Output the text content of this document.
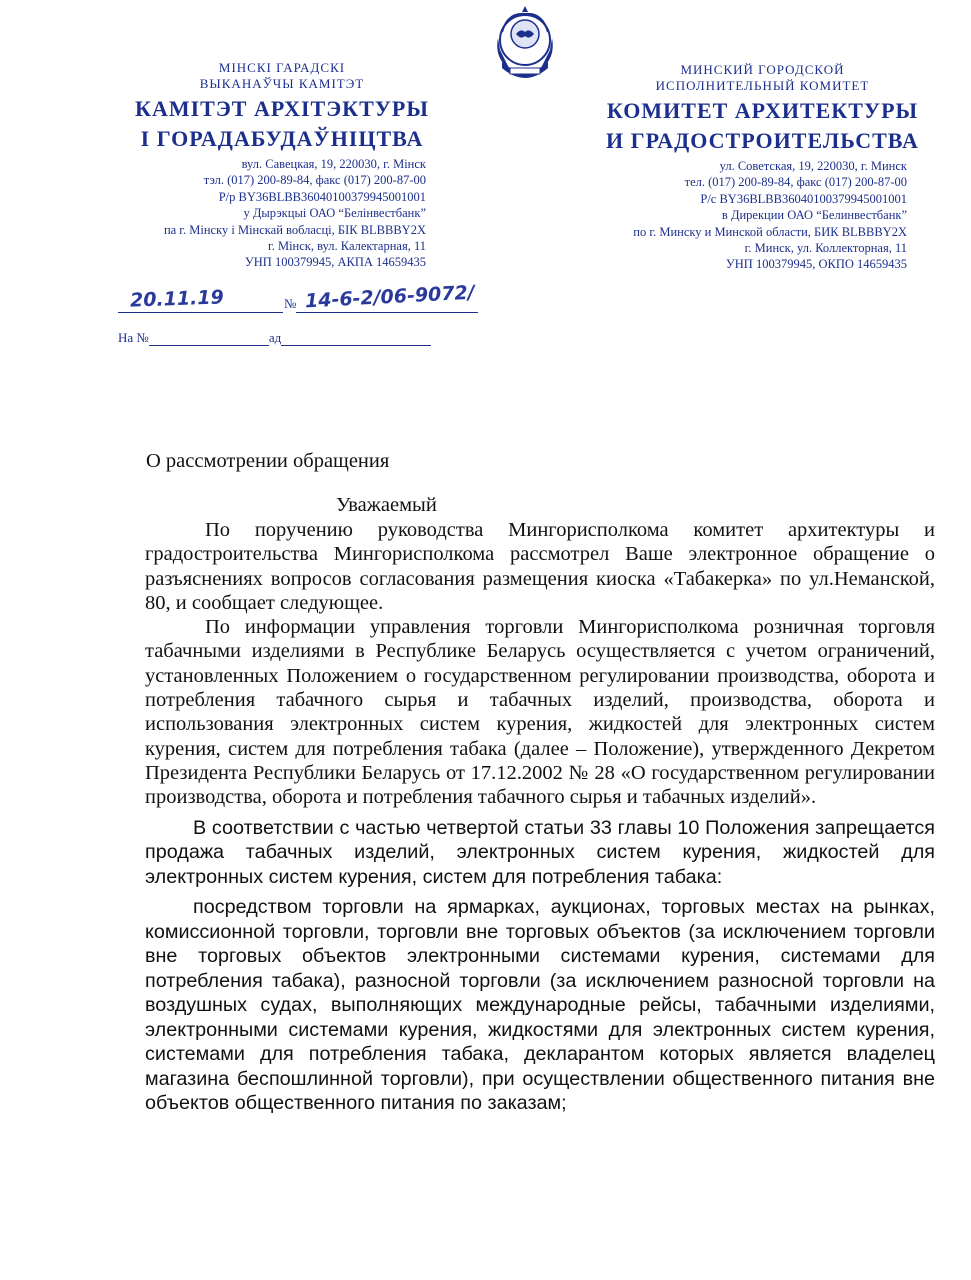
МІНСКІ ГАРАДСКІ
ВЫКАНАЎЧЫ КАМІТЭТ
КАМІТЭТ АРХІТЭКТУРЫ
І ГОРАДАБУДАЎНІЦТВА
вул. Савецкая, 19, 220030, г. Мінск
тэл. (017) 200-89-84, факс (017) 200-87-00
Р/р BY36BLBB36040100379945001001
у Дырэкцыі ОАО “Белінвестбанк”
па г. Мінску і Мінскай вобласці, БІК BLBBBY2X
г. Мінск, вул. Калектарная, 11
УНП 100379945, АКПА 14659435
МИНСКИЙ ГОРОДСКОЙ
ИСПОЛНИТЕЛЬНЫЙ КОМИТЕТ
КОМИТЕТ АРХИТЕКТУРЫ
И ГРАДОСТРОИТЕЛЬСТВА
ул. Советская, 19, 220030, г. Минск
тел. (017) 200-89-84, факс (017) 200-87-00
Р/с BY36BLBB36040100379945001001
в Дирекции ОАО “Белинвестбанк”
по г. Минску и Минской области, БИК BLBBBY2X
г. Минск, ул. Коллекторная, 11
УНП 100379945, ОКПО 14659435
20.11.19	№ 14-6-2/06-9072/
На №	ад
О рассмотрении обращения
Уважаемый

По поручению руководства Мингорисполкома комитет архитектуры и градостроительства Мингорисполкома рассмотрел Ваше электронное обращение о разъяснениях вопросов согласования размещения киоска «Табакерка» по ул.Неманской, 80, и сообщает следующее.

По информации управления торговли Мингорисполкома розничная торговля табачными изделиями в Республике Беларусь осуществляется с учетом ограничений, установленных Положением о государственном регулировании производства, оборота и потребления табачного сырья и табачных изделий, производства, оборота и использования электронных систем курения, жидкостей для электронных систем курения, систем для потребления табака (далее – Положение), утвержденного Декретом Президента Республики Беларусь от 17.12.2002 № 28 «О государственном регулировании производства, оборота и потребления табачного сырья и табачных изделий».

В соответствии с частью четвертой статьи 33 главы 10 Положения запрещается продажа табачных изделий, электронных систем курения, жидкостей для электронных систем курения, систем для потребления табака:

посредством торговли на ярмарках, аукционах, торговых местах на рынках, комиссионной торговли, торговли вне торговых объектов (за исключением торговли вне торговых объектов электронными системами курения, системами для потребления табака), разносной торговли (за исключением разносной торговли на воздушных судах, выполняющих международные рейсы, табачными изделиями, электронными системами курения, жидкостями для электронных систем курения, системами для потребления табака, декларантом которых является владелец магазина беспошлинной торговли), при осуществлении общественного питания вне объектов общественного питания по заказам;
